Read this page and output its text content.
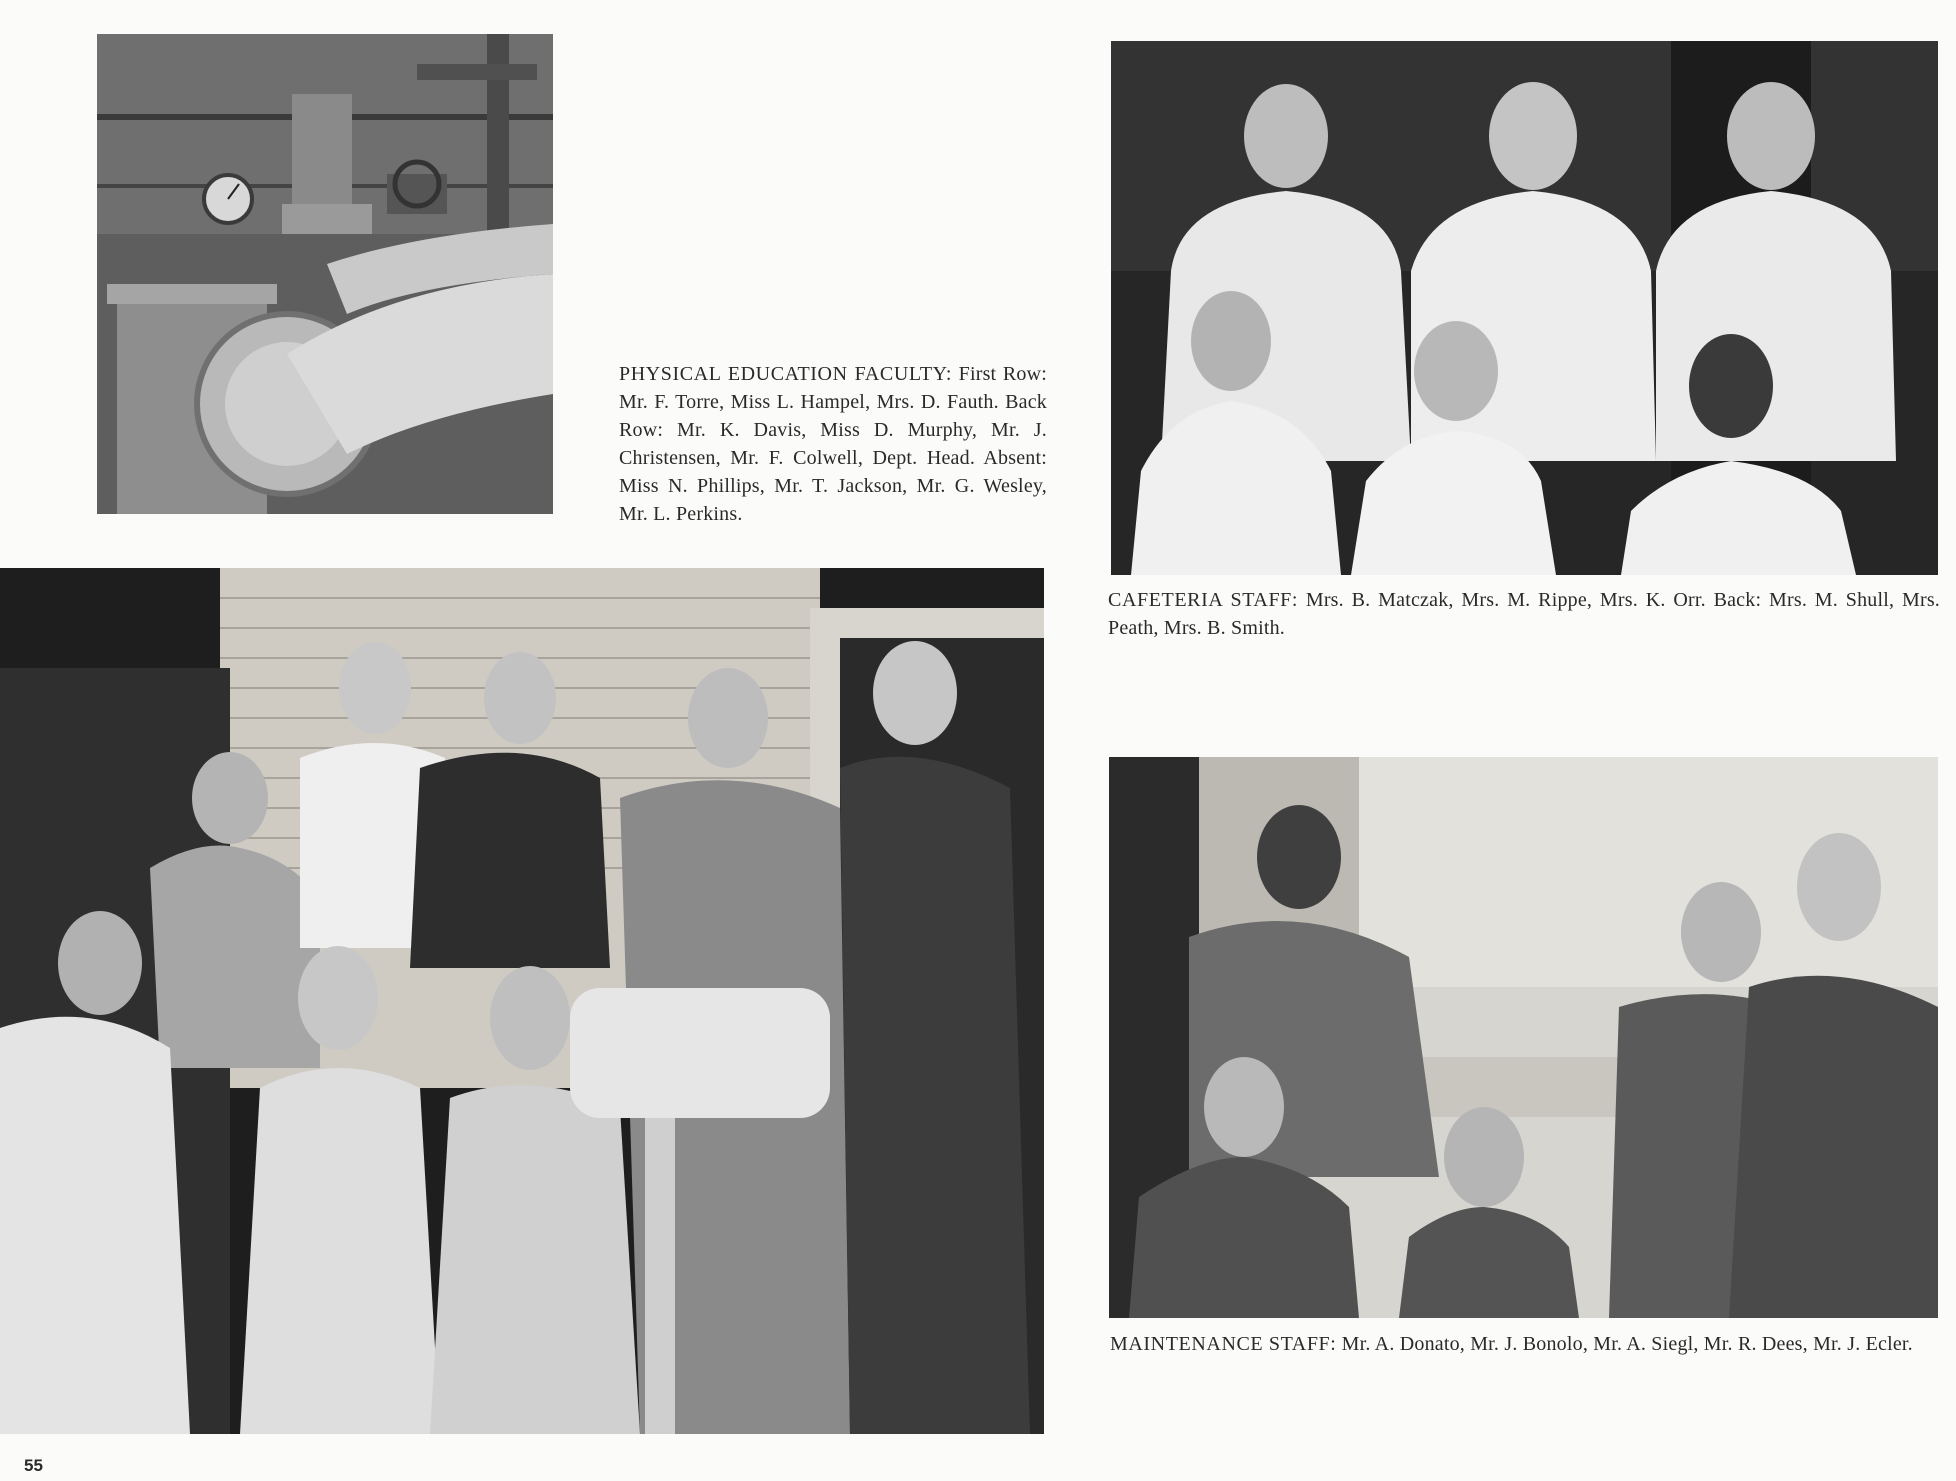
PHYSICAL EDUCATION FACULTY: First Row: Mr. F. Torre, Miss L. Hampel, Mrs. D. Fauth. Back Row: Mr. K. Davis, Miss D. Murphy, Mr. J. Christensen, Mr. F. Colwell, Dept. Head. Absent: Miss N. Phillips, Mr. T. Jackson, Mr. G. Wesley, Mr. L. Perkins.
CAFETERIA STAFF: Mrs. B. Matczak, Mrs. M. Rippe, Mrs. K. Orr. Back: Mrs. M. Shull, Mrs. Peath, Mrs. B. Smith.
MAINTENANCE STAFF: Mr. A. Donato, Mr. J. Bonolo, Mr. A. Siegl, Mr. R. Dees, Mr. J. Ecler.
55
